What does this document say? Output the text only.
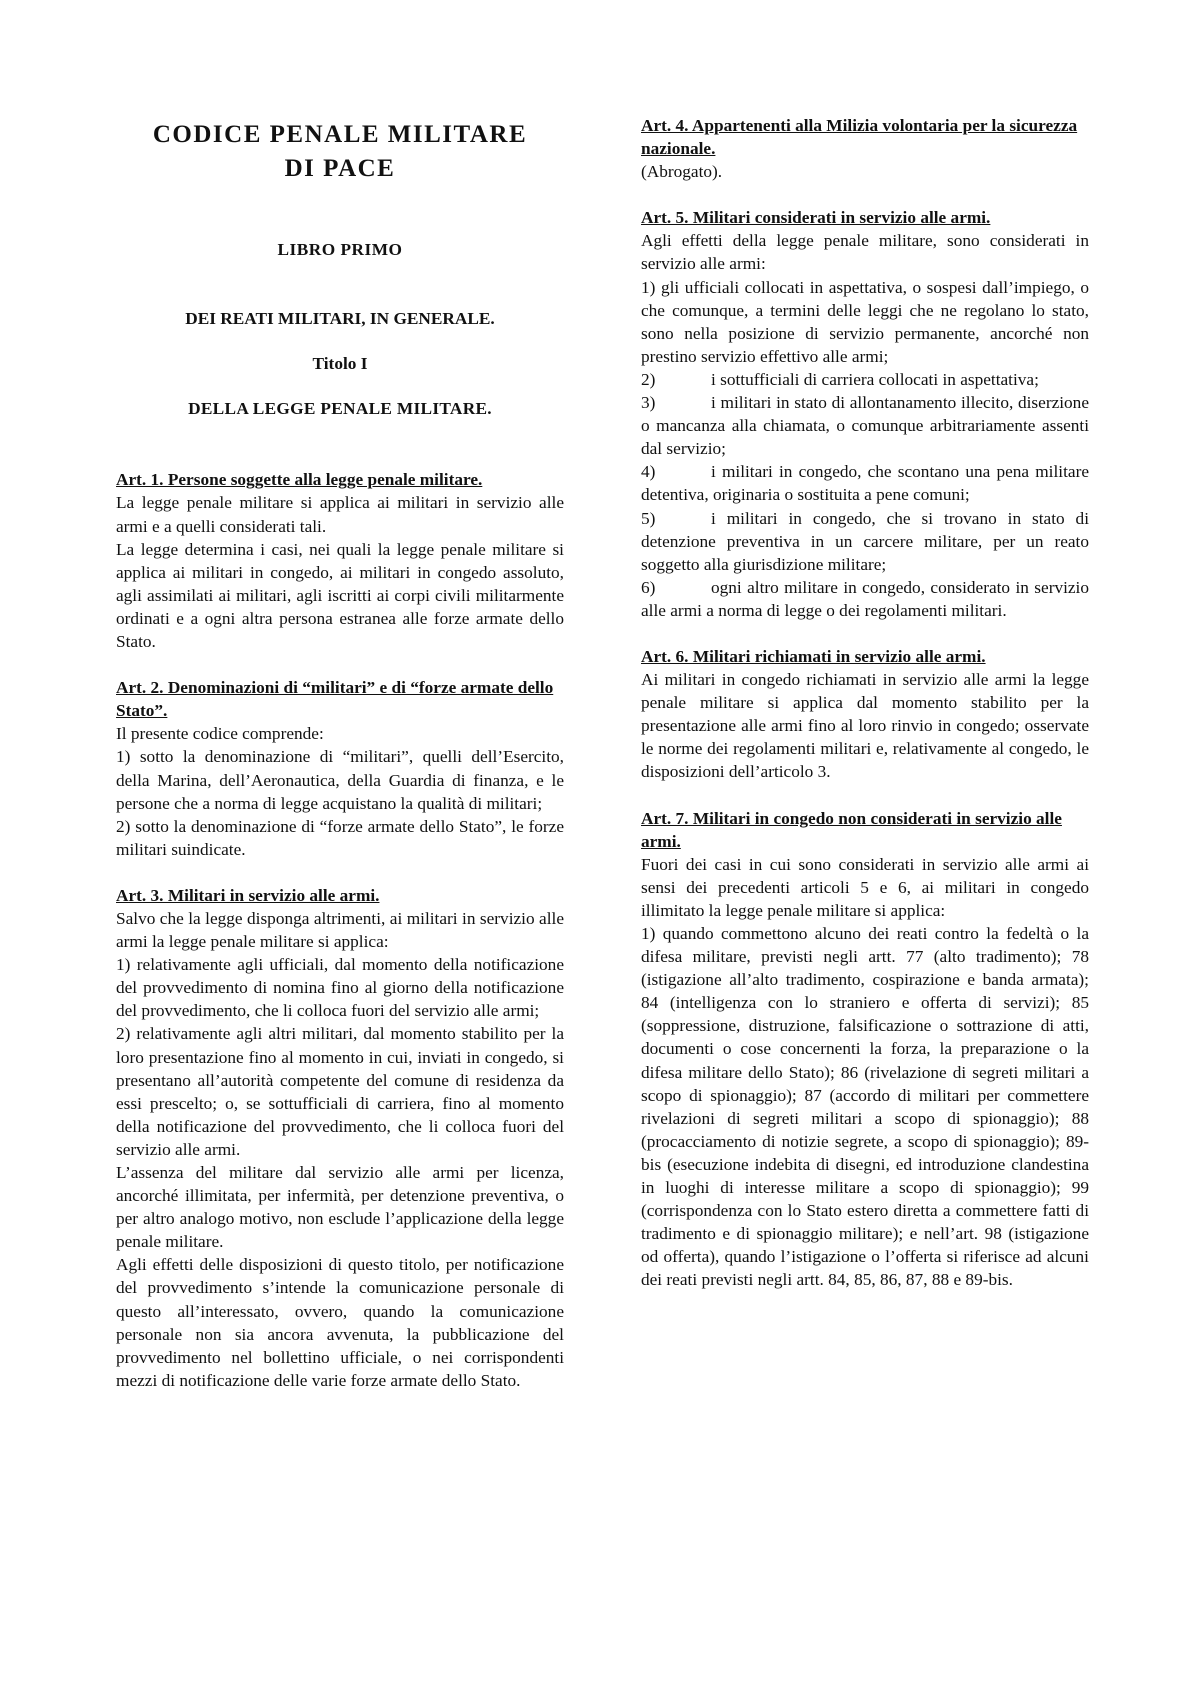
CODICE PENALE MILITARE
DI PACE

LIBRO PRIMO

DEI REATI MILITARI, IN GENERALE.

Titolo I

DELLA LEGGE PENALE MILITARE.

Art. 1. Persone soggette alla legge penale militare.

La legge penale militare si applica ai militari in servizio alle armi e a quelli considerati tali.

La legge determina i casi, nei quali la legge penale militare si applica ai militari in congedo, ai militari in congedo assoluto, agli assimilati ai militari, agli iscritti ai corpi civili militarmente ordinati e a ogni altra persona estranea alle forze armate dello Stato.

Art. 2. Denominazioni di “militari” e di “forze armate dello Stato”.

Il presente codice comprende:

1) sotto la denominazione di “militari”, quelli dell’Esercito, della Marina, dell’Aeronautica, della Guardia di finanza, e le persone che a norma di legge acquistano la qualità di militari;

2) sotto la denominazione di “forze armate dello Stato”, le forze militari suindicate.

Art. 3. Militari in servizio alle armi.

Salvo che la legge disponga altrimenti, ai militari in servizio alle armi la legge penale militare si applica:

1) relativamente agli ufficiali, dal momento della notificazione del provvedimento di nomina fino al giorno della notificazione del provvedimento, che li colloca fuori del servizio alle armi;

2) relativamente agli altri militari, dal momento stabilito per la loro presentazione fino al momento in cui, inviati in congedo, si presentano all’autorità competente del comune di residenza da essi prescelto; o, se sottufficiali di carriera, fino al momento della notificazione del provvedimento, che li colloca fuori del servizio alle armi.

L’assenza del militare dal servizio alle armi per licenza, ancorché illimitata, per infermità, per detenzione preventiva, o per altro analogo motivo, non esclude l’applicazione della legge penale militare.

Agli effetti delle disposizioni di questo titolo, per notificazione del provvedimento s’intende la comunicazione personale di questo all’interessato, ovvero, quando la comunicazione personale non sia ancora avvenuta, la pubblicazione del provvedimento nel bollettino ufficiale, o nei corrispondenti mezzi di notificazione delle varie forze armate dello Stato.

Art. 4. Appartenenti alla Milizia volontaria per la sicurezza nazionale.

(Abrogato).

Art. 5. Militari considerati in servizio alle armi.

Agli effetti della legge penale militare, sono considerati in servizio alle armi:

1) gli ufficiali collocati in aspettativa, o sospesi dall’impiego, o che comunque, a termini delle leggi che ne regolano lo stato, sono nella posizione di servizio permanente, ancorché non prestino servizio effettivo alle armi;

2)	i sottufficiali di carriera collocati in aspettativa;

3)	i militari in stato di allontanamento illecito, diserzione o mancanza alla chiamata, o comunque arbitrariamente assenti dal servizio;

4)	i militari in congedo, che scontano una pena militare detentiva, originaria o sostituita a pene comuni;

5)	i militari in congedo, che si trovano in stato di detenzione preventiva in un carcere militare, per un reato soggetto alla giurisdizione militare;

6)	ogni altro militare in congedo, considerato in servizio alle armi a norma di legge o dei regolamenti militari.

Art. 6. Militari richiamati in servizio alle armi.

Ai militari in congedo richiamati in servizio alle armi la legge penale militare si applica dal momento stabilito per la presentazione alle armi fino al loro rinvio in congedo; osservate le norme dei regolamenti militari e, relativamente al congedo, le disposizioni dell’articolo 3.

Art. 7. Militari in congedo non considerati in servizio alle armi.

Fuori dei casi in cui sono considerati in servizio alle armi ai sensi dei precedenti articoli 5 e 6, ai militari in congedo illimitato la legge penale militare si applica:

1) quando commettono alcuno dei reati contro la fedeltà o la difesa militare, previsti negli artt. 77 (alto tradimento); 78 (istigazione all’alto tradimento, cospirazione e banda armata); 84 (intelligenza con lo straniero e offerta di servizi); 85 (soppressione, distruzione, falsificazione o sottrazione di atti, documenti o cose concernenti la forza, la preparazione o la difesa militare dello Stato); 86 (rivelazione di segreti militari a scopo di spionaggio); 87 (accordo di militari per commettere rivelazioni di segreti militari a scopo di spionaggio); 88 (procacciamento di notizie segrete, a scopo di spionaggio); 89-bis (esecuzione indebita di disegni, ed introduzione clandestina in luoghi di interesse militare a scopo di spionaggio); 99 (corrispondenza con lo Stato estero diretta a commettere fatti di tradimento e di spionaggio militare); e nell’art. 98 (istigazione od offerta), quando l’istigazione o l’offerta si riferisce ad alcuni dei reati previsti negli artt. 84, 85, 86, 87, 88 e 89-bis.
